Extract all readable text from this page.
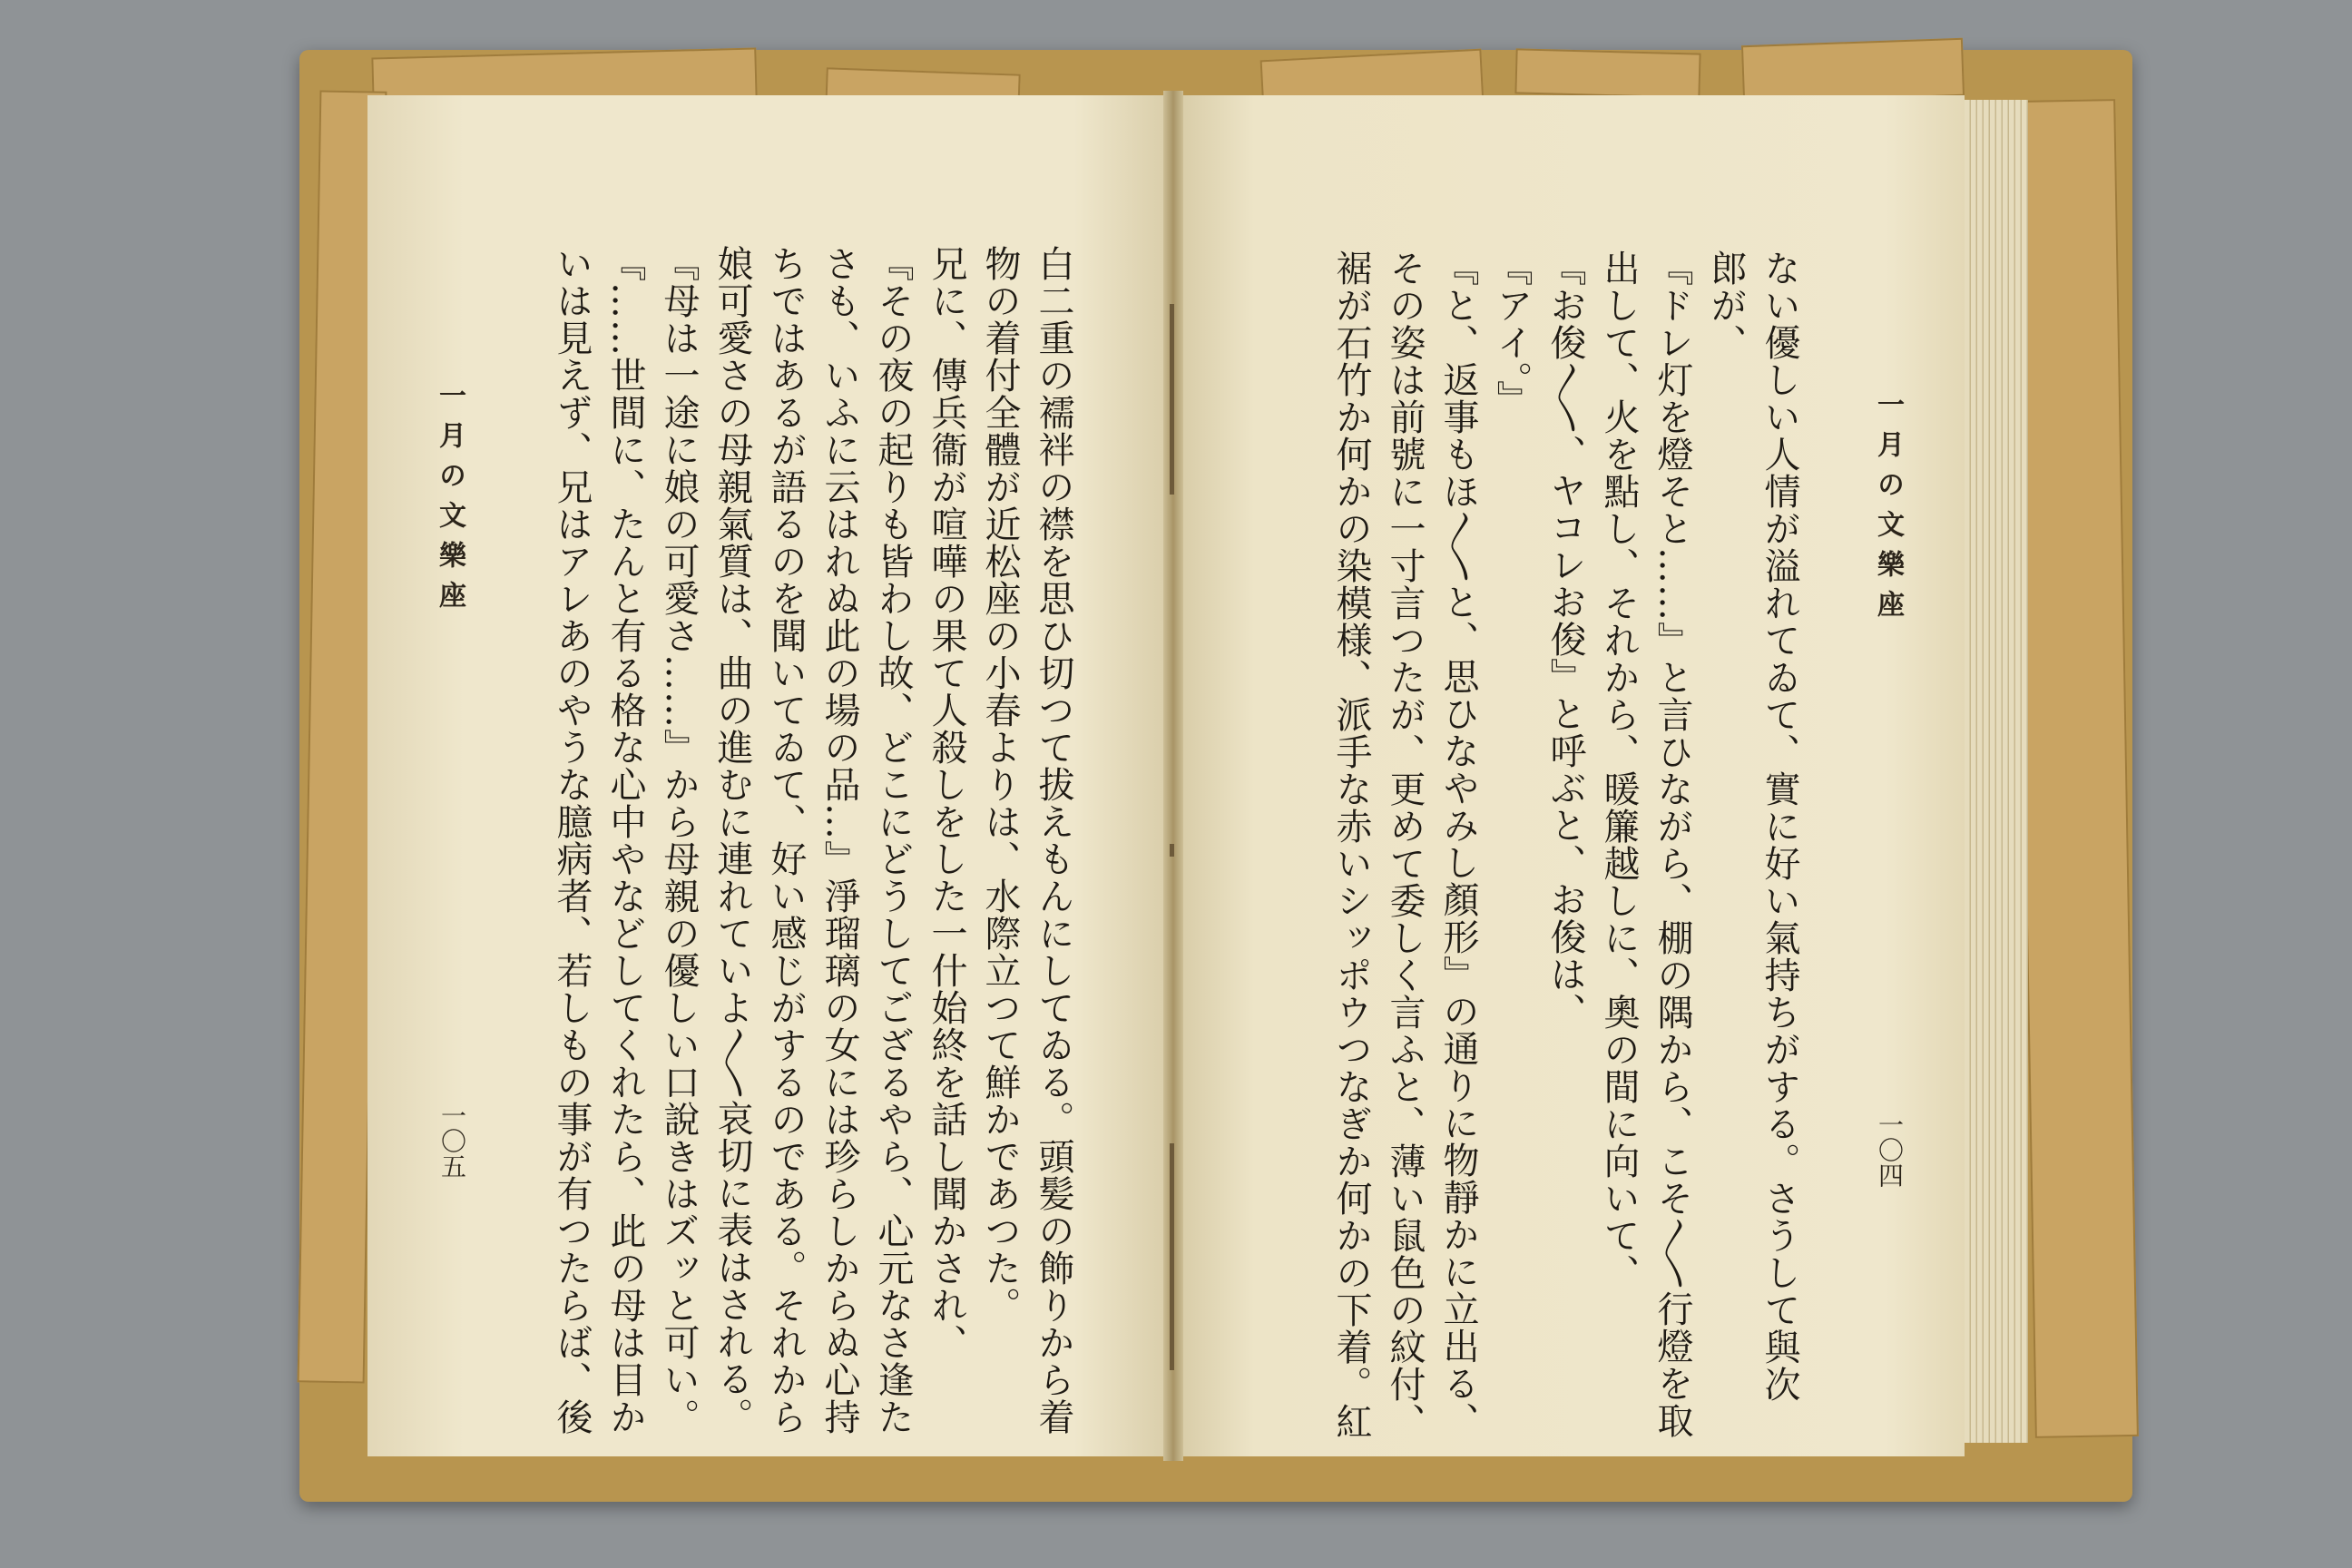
一月の文樂座
一〇四
ない優しい人情が溢れてゐて、實に好い氣持ちがする。さうして與次
郎が、
『ドレ灯を燈そと……』と言ひながら、棚の隅から、こそ〳〵行燈を取
出して、火を點し、それから、暖簾越しに、奧の間に向いて、
『お俊〳〵、ヤコレお俊』と呼ぶと、お俊は、
『アイ。』
『と、返事もほ〳〵と、思ひなやみし顏形』の通りに物靜かに立出る、
その姿は前號に一寸言つたが、更めて委しく言ふと、薄い鼠色の紋付、
裾が石竹か何かの染模様、派手な赤いシッポウつなぎか何かの下着。紅
一月の文樂座
一〇五	白二重の襦袢の襟を思ひ切つて拔えもんにしてゐる。頭髪の飾りから着
物の着付全體が近松座の小春よりは、水際立つて鮮かであつた。
兄に、傳兵衞が喧嘩の果て人殺しをした一什始終を話し聞かされ、
『その夜の起りも皆わし故、どこにどうしてござるやら、心元なさ逢た
さも、いふに云はれぬ此の場の品…』淨瑠璃の女には珍らしからぬ心持
ちではあるが語るのを聞いてゐて、好い感じがするのである。それから
娘可愛さの母親氣質は、曲の進むに連れていよ〳〵哀切に表はされる。
『母は一途に娘の可愛さ……』から母親の優しい口說きはズッと可い。
『……世間に、たんと有る格な心中やなどしてくれたら、此の母は目か
いは見えず、兄はアレあのやうな臆病者、若しもの事が有つたらば、後
